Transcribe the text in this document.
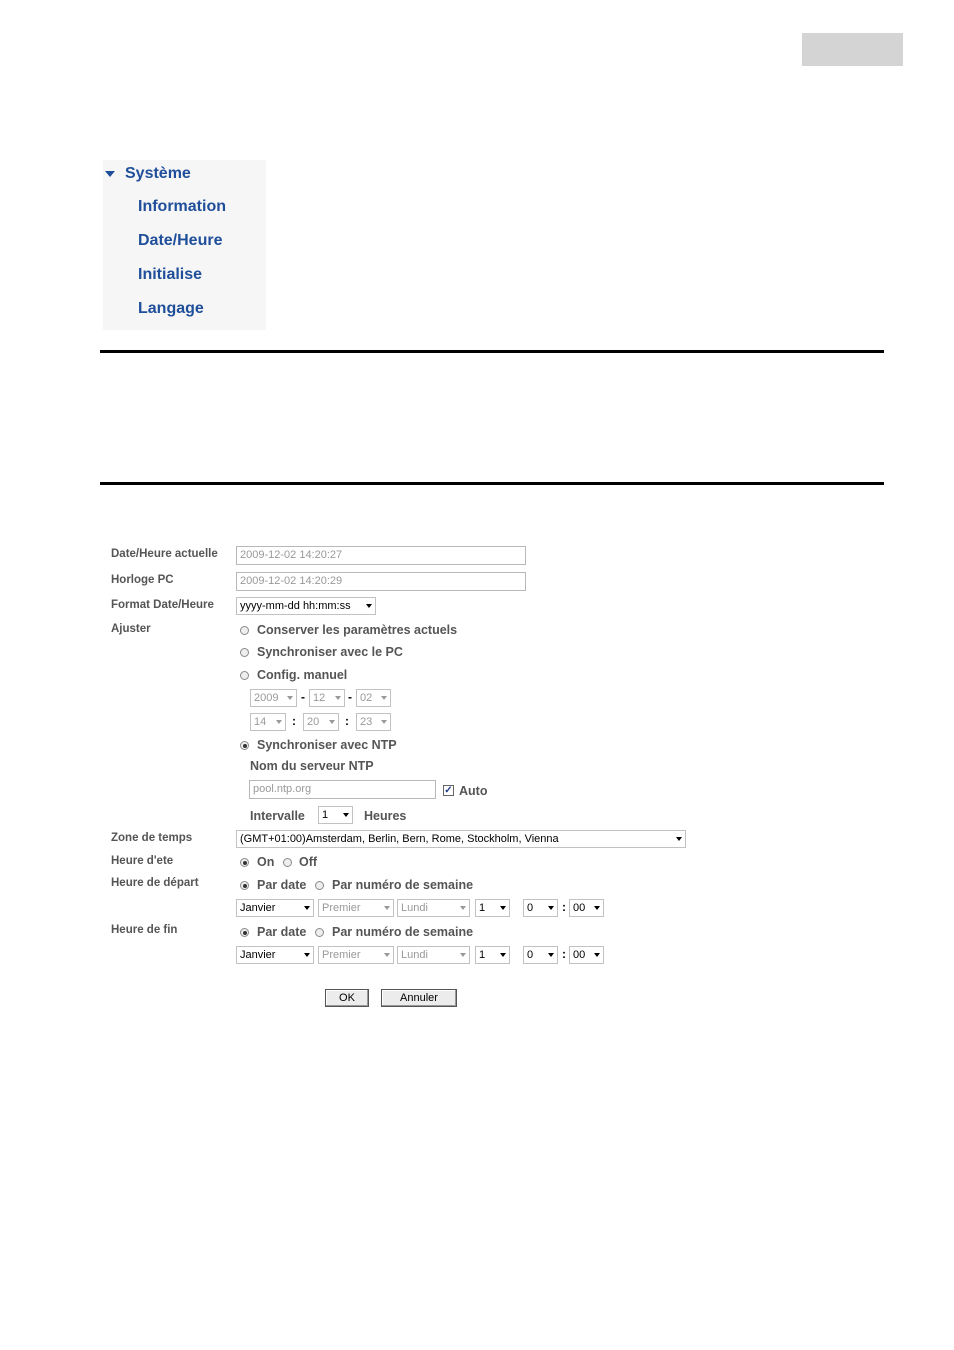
Système
Information
Date/Heure
Initialise
Langage
Date/Heure actuelle	2009-12-02 14:20:27
Horloge PC	2009-12-02 14:20:29
Format Date/Heure	yyyy-mm-dd hh:mm:ss
Ajuster	Conserver les paramètres actuels
Synchroniser avec le PC
Config. manuel
2009	- 12	- 02
14	:	20	:	23
Synchroniser avec NTP
Nom du serveur NTP
pool.ntp.org	✓ Auto
Intervalle	1	Heures
Zone de temps	(GMT+01:00)Amsterdam, Berlin, Bern, Rome, Stockholm, Vienna
Heure d'ete	On Off
Heure de départ	Par date Par numéro de semaine
Janvier	Premier	Lundi	1	0	: 00
Heure de fin	Par date Par numéro de semaine
Janvier	Premier	Lundi	1	0	: 00
OK	Annuler
